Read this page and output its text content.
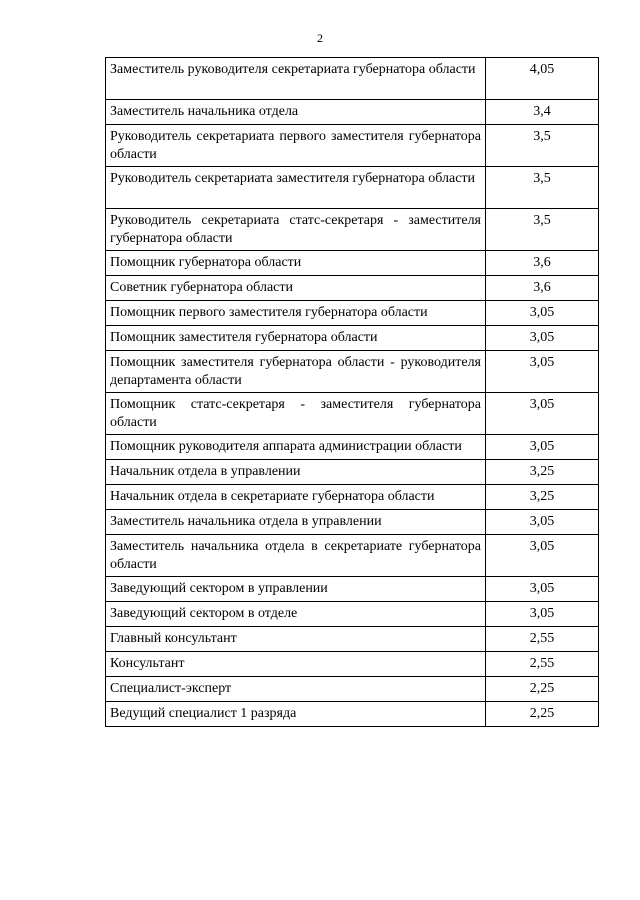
2
Заместитель руководителя секретариата губернатора области	4,05
Заместитель начальника отдела	3,4
Руководитель секретариата первого заместителя губернатора области	3,5
Руководитель секретариата заместителя губернатора области	3,5
Руководитель секретариата статс-секретаря - заместителя губернатора области	3,5
Помощник губернатора области	3,6
Советник губернатора области	3,6
Помощник первого заместителя губернатора области	3,05
Помощник заместителя губернатора области	3,05
Помощник заместителя губернатора области - руководителя департамента области	3,05
Помощник статс-секретаря - заместителя губернатора области	3,05
Помощник руководителя аппарата администрации области	3,05
Начальник отдела в управлении	3,25
Начальник отдела в секретариате губернатора области	3,25
Заместитель начальника отдела в управлении	3,05
Заместитель начальника отдела в секретариате губернатора области	3,05
Заведующий сектором в управлении	3,05
Заведующий сектором в отделе	3,05
Главный консультант	2,55
Консультант	2,55
Специалист-эксперт	2,25
Ведущий специалист 1 разряда	2,25
